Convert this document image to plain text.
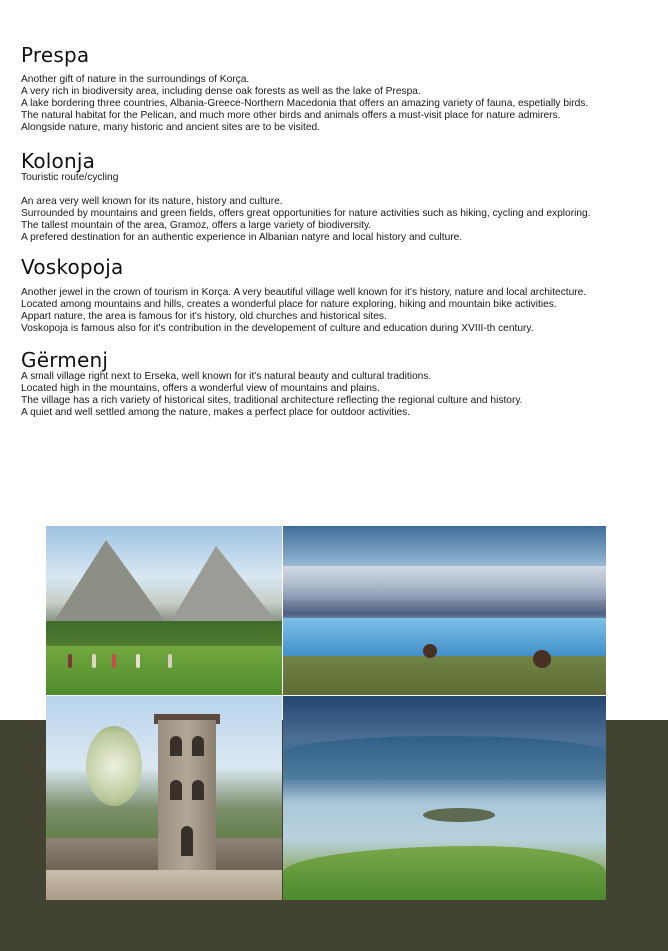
Prespa

Another gift of nature in the surroundings of Korça.

A very rich in biodiversity area, including dense oak forests as well as the lake of Prespa.

A lake bordering three countries, Albania-Greece-Northern Macedonia that offers an amazing variety of fauna, espetially birds.

The natural habitat for the Pelican, and much more other birds and animals offers a must-visit place for nature admirers.

Alongside nature, many historic and ancient sites are to be visited.

Kolonja

Touristic route/cycling

An area very well known for its nature, history and culture.

Surrounded by mountains and green fields, offers great opportunities for nature activities such as hiking, cycling and exploring.

The tallest mountain of the area, Gramoz, offers a large variety of biodiversity.

A prefered destination for an authentic experience in Albanian natyre and local history and culture.

Voskopoja

Another jewel in the crown of tourism in Korça. A very beautiful village well known for it's history, nature and local architecture.

Located among mountains and hills, creates a wonderful place for nature exploring, hiking and mountain bike activities.

Appart nature, the area is famous for it's history, old churches and historical sites.

Voskopoja is famous also for it's contribution in the developement of culture and education during XVIII-th century.

Gërmenj

A small village right next to Erseka, well known for it's natural beauty and cultural traditions.

Located high in the mountains, offers a wonderful view of mountains and plains.

The village has a rich variety of historical sites, traditional architecture reflecting the regional culture and history.

A quiet and well settled among the nature, makes a perfect place for outdoor activities.
